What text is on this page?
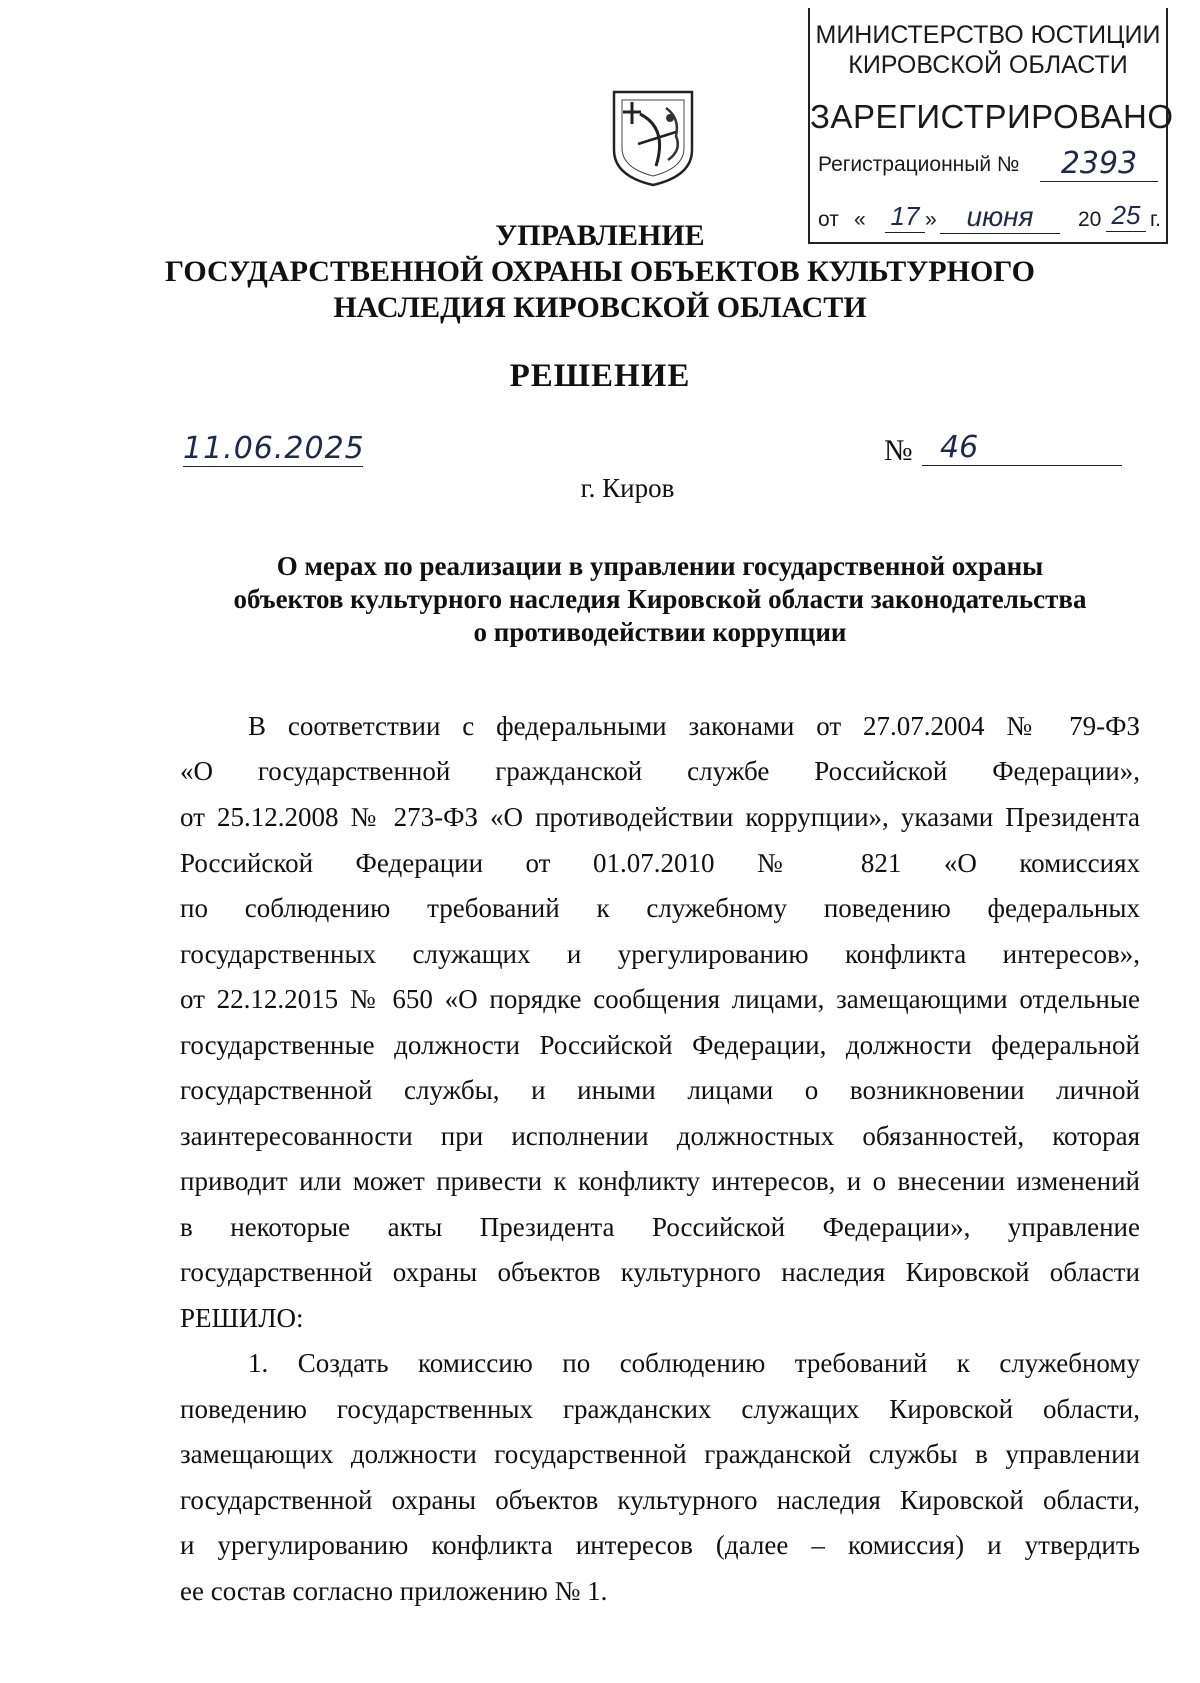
МИНИСТЕРСТВО ЮСТИЦИИ
КИРОВСКОЙ ОБЛАСТИ
ЗАРЕГИСТРИРОВАНО
Регистрационный №	2393
от « 17 »	июня	20 25 г.
УПРАВЛЕНИЕ
ГОСУДАРСТВЕННОЙ ОХРАНЫ ОБЪЕКТОВ КУЛЬТУРНОГО
НАСЛЕДИЯ КИРОВСКОЙ ОБЛАСТИ
РЕШЕНИЕ
11.06.2025	№ 46
г. Киров
О мерах по реализации в управлении государственной охраны
объектов культурного наследия Кировской области законодательства
о противодействии коррупции
В соответствии с федеральными законами от 27.07.2004 № 79-ФЗ
«О государственной гражданской службе Российской Федерации»,
от 25.12.2008 № 273-ФЗ «О противодействии коррупции», указами Президента
Российской Федерации от 01.07.2010 № 821 «О комиссиях
по соблюдению требований к служебному поведению федеральных
государственных служащих и урегулированию конфликта интересов»,
от 22.12.2015 № 650 «О порядке сообщения лицами, замещающими отдельные
государственные должности Российской Федерации, должности федеральной
государственной службы, и иными лицами о возникновении личной
заинтересованности при исполнении должностных обязанностей, которая
приводит или может привести к конфликту интересов, и о внесении изменений
в некоторые акты Президента Российской Федерации», управление
государственной охраны объектов культурного наследия Кировской области
РЕШИЛО:
1. Создать комиссию по соблюдению требований к служебному
поведению государственных гражданских служащих Кировской области,
замещающих должности государственной гражданской службы в управлении
государственной охраны объектов культурного наследия Кировской области,
и урегулированию конфликта интересов (далее – комиссия) и утвердить
ее состав согласно приложению № 1.
